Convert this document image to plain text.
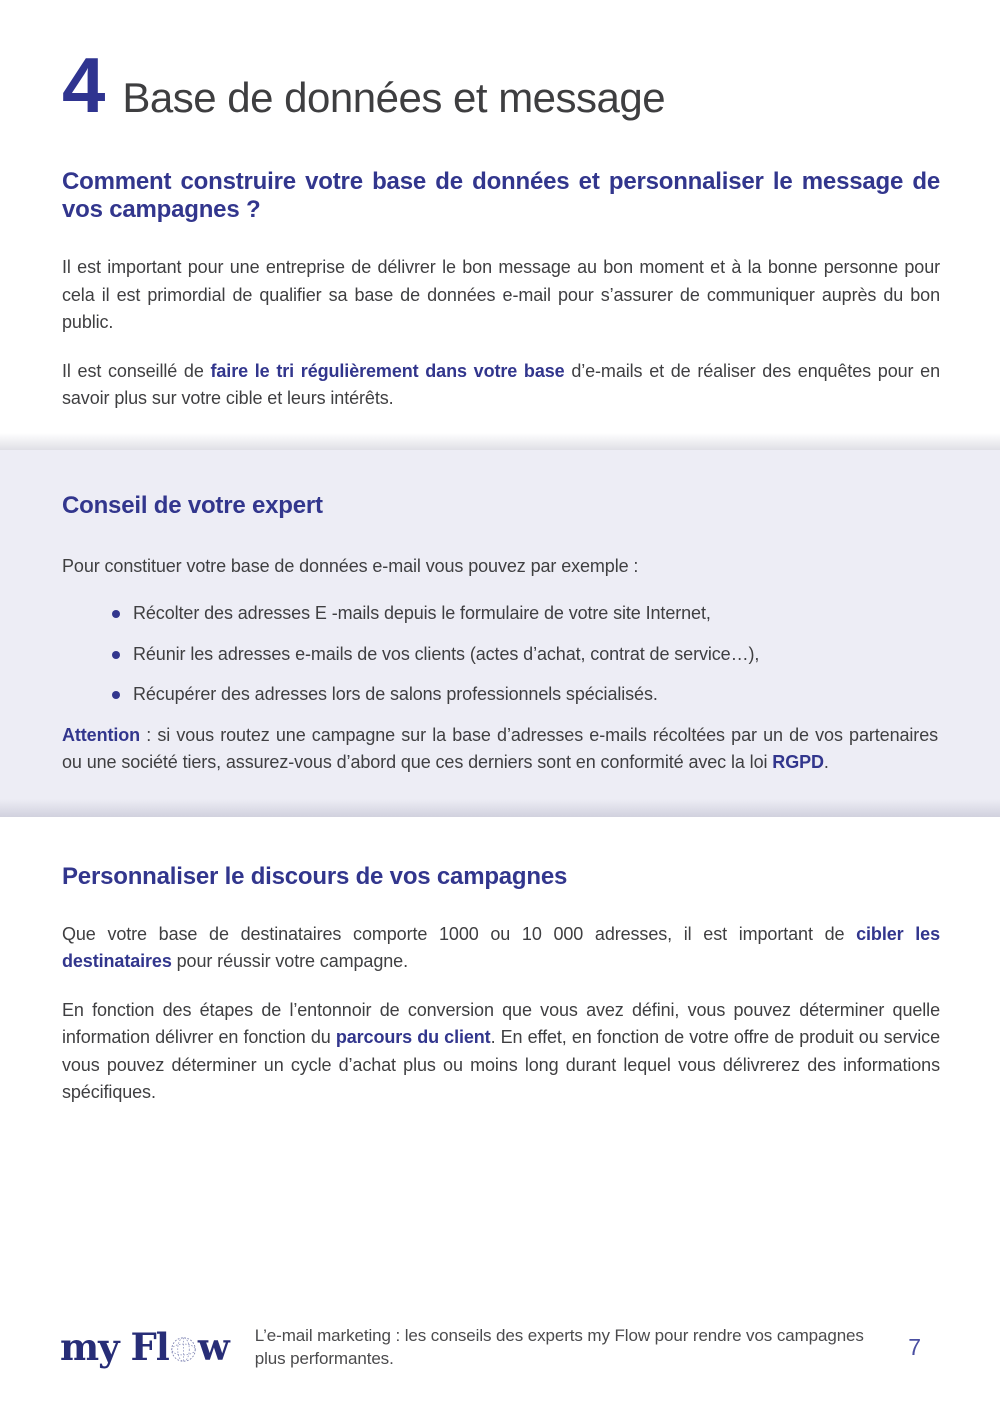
4 Base de données et message
Comment construire votre base de données et personnaliser le message de vos campagnes ?

Il est important pour une entreprise de délivrer le bon message au bon moment et à la bonne personne pour cela il est primordial de qualifier sa base de données e-mail pour s’assurer de communiquer auprès du bon public.

Il est conseillé de faire le tri régulièrement dans votre base d’e-mails et de réaliser des enquêtes pour en savoir plus sur votre cible et leurs intérêts.

Conseil de votre expert

Pour constituer votre base de données e-mail vous pouvez par exemple :

Récolter des adresses E -mails depuis le formulaire de votre site Internet,
Réunir les adresses e-mails de vos clients (actes d’achat, contrat de service…),
Récupérer des adresses lors de salons professionnels spécialisés.

Attention : si vous routez une campagne sur la base d’adresses e-mails récoltées par un de vos partenaires ou une société tiers, assurez-vous d’abord que ces derniers sont en conformité avec la loi RGPD.

Personnaliser le discours de vos campagnes

Que votre base de destinataires comporte 1000 ou 10 000 adresses, il est important de cibler les destinataires pour réussir votre campagne.

En fonction des étapes de l’entonnoir de conversion que vous avez défini, vous pouvez déterminer quelle information délivrer en fonction du parcours du client. En effet, en fonction de votre offre de produit ou service vous pouvez déterminer un cycle d’achat plus ou moins long durant lequel vous délivrerez des informations spécifiques.

my Fl w L’e-mail marketing : les conseils des experts my Flow pour rendre vos campagnes plus performantes.	7
